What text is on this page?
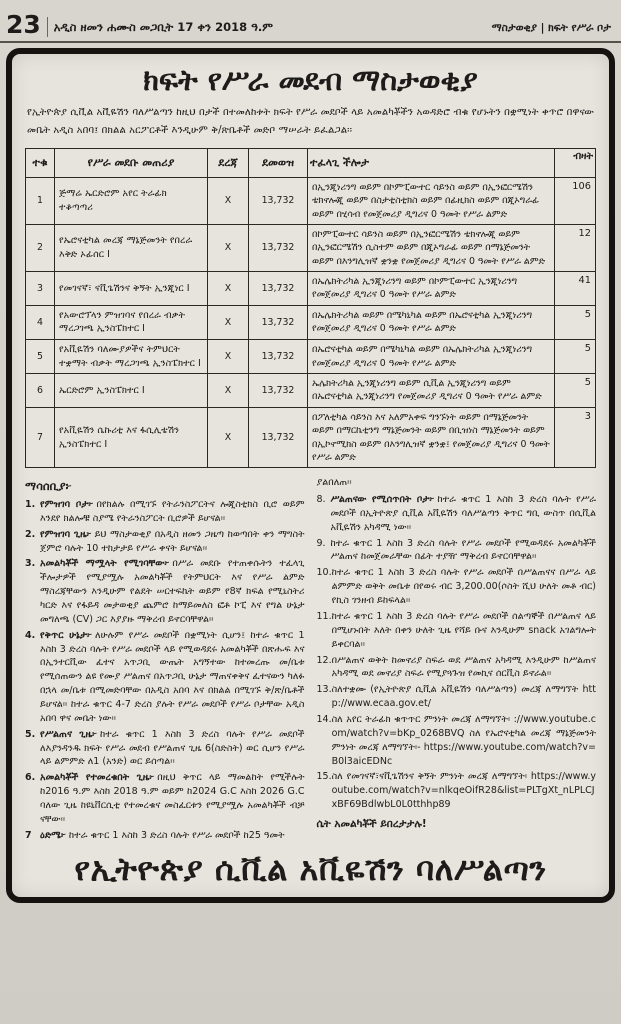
23 አዲስ ዘመን ሐሙስ መጋቢት 17 ቀን 2018 ዓ.ም	ማስታወቂያ | ክፍት የሥራ ቦታ
ክፍት የሥራ መደብ ማስታወቂያ

የኢትዮጵያ ሲቪል አቪዬሽን ባለሥልጣን ከዚህ በታች በተመለከቱት ክፍት የሥራ መደቦች ላይ አመልካቾችን አወዳድሮ ብቁ የሆኑትን በቋሚነት ቀጥሮ በዋናው መቤት አዲስ አበባ፤ በክልል አርፖርቶች እንዲሁም ቅ/ጽቤቶች መድቦ ማሠራት ይፈልጋል፡፡

ተቁ	የሥራ መደቡ መጠሪያ	ደረጃ	ደመወዝ	ተፈላጊ ችሎታ	ብዛት
1	ጅማሬ ኤርድሮም አየር ትራፊክ ተቆጣጣሪ	X	13,732	በኢንጂነሪንግ ወይም በኮምፒውተር ሳይንስ ወይም በኢንፎርሜሽን ቴክኖሎጂ ወይም በስታቲስቲክስ ወይም በፊዚክስ ወይም በጂኦግራፊ ወይም በሂሳብ የመጀመሪያ ዲግሪና 0 ዓመት የሥራ ልምድ	106
2	የኤሮናቲካል መረጃ ማኔጅመንት የበረራ እቅድ ኦፊሰር I	X	13,732	በኮምፒውተር ሳይንስ ወይም በኢንፎርሜሽን ቴክኖሎጂ ወይም በኢንፎርሜሽን ሲስተም ወይም በጂኦግራፊ ወይም በማኔጅመንት ወይም በእንግሊዝኛ ቋንቋ የመጀመሪያ ዲግሪና 0 ዓመት የሥራ ልምድ	12
3	የመገናኛ፣ ናቪጌሽንና ቅኝት ኢንጂነር I	X	13,732	በኤሌክትሪካል ኢንጂነሪንግ ወይም በኮምፒውተር ኢንጂነሪንግ የመጀመሪያ ዲግሪና 0 ዓመት የሥራ ልምድ	41
4	የአውሮፕላን ምዝገባና የበረራ ብቃት ማረጋገጫ ኢንስፔክተር I	X	13,732	በኤሌክትሪካል ወይም በሜካኒካል ወይም በኤሮናቲካል ኢንጂነሪንግ የመጀመሪያ ዲግሪና 0 ዓመት የሥራ ልምድ	5
5	የአቪዬሽን ባለሙያዎችና ትምህርት ተቋማት ብቃት ማረጋገጫ ኢንስፔክተር I	X	13,732	በኤሮናቲካል ወይም በሜካኒካል ወይም በኤሌክትሪካል ኢንጂነሪንግ የመጀመሪያ ዲግሪና 0 ዓመት የሥራ ልምድ	5
6	ኤርድሮም ኢንስፔክተር I	X	13,732	ኤሌክትሪካል ኢንጂነሪንግ ወይም ሲቪል ኢንጂነሪንግ ወይም በኤሮናቲካል ኢንጂነሪንግ የመጀመሪያ ዲግሪና 0 ዓመት የሥራ ልምድ	5
7	የአቪዬሽን ሴኩሪቲ እና ፋሲሊቴሽን ኢንስፔክተር I	X	13,732	በፖለቲካል ሳይንስ እና አለምአቀፍ ግንኙነት ወይም በማኔጅመንት ወይም በማርኬቲንግ ማኔጅመንት ወይም በቢዝነስ ማኔጅመንት ወይም በኢኮኖሚክስ ወይም በእንግሊዝኛ ቋንቋ፤ የመጀመሪያ ዲግሪና 0 ዓመት የሥራ ልምድ	3
ማሳሰቢያ፦
1. የምዝገባ ቦታ፦ በየክልሉ በሚገኙ የትራንስፖርትና ሎጂስቲክስ ቢሮ ወይም እንደየ ክልሎቹ ስያሜ የትራንስፖርት ቢሮዎች ይሆናል፡፡
2. የምዝገባ ጊዜ፦ ይህ ማስታወቂያ በአዲስ ዘመን ጋዜጣ ከወጣበት ቀን ማግስት ጀምሮ ባሉት 10 ተከታታይ የሥራ ቀናት ይሆናል፡፡
3. አመልካቾች ማሟላት የሚገባቸው፦ በሥራ መደቡ የተጠቀሱትን ተፈላጊ ችሎታዎች የሚያሟሉ አመልካቾች የትምህርት እና የሥራ ልምድ ማስረጃቸውን እንዲሁም የልደት ሠርተፍኬት ወይም የ8ኛ ክፍል የሚኒስትሪ ካርድ እና የፋይዳ መታወቂያ ጨምሮ ከማይመለስ ፎቶ ኮፒ እና የግል ሁኔታ መግለጫ (CV) ጋር እያያዙ ማቅረብ ይኖርባቸዋል፡፡
4. የቅጥር ሁኔታ፦ ለሁሉም የሥራ መደቦች በቋሚነት ሲሆን፤ ከተራ ቁጥር 1 እስከ 3 ድረስ ባሉት የሥራ መደቦች ላይ የሚወዳደሩ አመልካቾች በጽሑፍ እና በኢንተርቪው ፈተና አጥጋቢ ውጤት አግኝተው ከተመረጡ መ/ቤቱ የሚሰጠውን ልዩ የሙያ ሥልጠና በአጥጋቢ ሁኔታ ማጠናቀቅና ፈተናውን ካለፉ በኋላ መ/ቤቱ በሚመድባቸው በአዲስ አበባ እና በክልል በሚገኙ ቅ/ጽ/ቤቶች ይሆናል፡፡ ከተራ ቁጥር 4-7 ድረስ ያሉት የሥራ መደቦች የሥራ ቦታቸው አዲስ አበባ ዋና መቤት ነው፡፡
5. የሥልጠና ጊዜ፦ ከተራ ቁጥር 1 እስከ 3 ድረስ ባሉት የሥራ መደቦች ለእያንዳንዱ ክፍት የሥራ መደብ የሥልጠና ጊዜ 6(ስድስት) ወር ሲሆን የሥራ ላይ ልምምድ ለ1 (አንድ) ወር ይሰጣል፡፡
6. አመልካቾች የተመረቁበት ጊዜ፦ በዚህ ቅጥር ላይ ማመልከት የሚችሉት ከ2016 ዓ.ም እስከ 2018 ዓ.ም ወይም ከ2024 G.C እስከ 2026 G.C ባለው ጊዜ ከዩኒቨርሲቲ የተመረቁና መስፈርቱን የሚያሟሉ አመልካቾች ብቻ ናቸው፡፡
7 ዕድሜ፦ ከተራ ቁጥር 1 እስከ 3 ድረስ ባሉት የሥራ መደቦች ከ25 ዓመት
ያልበለጠ፡፡
8. ሥልጠናው የሚሰጥበት ቦታ፦ ከተራ ቁጥር 1 እስከ 3 ድረስ ባሉት የሥራ መደቦች በኢትዮጵያ ሲቪል አቪዬሽን ባለሥልጣን ቅጥር ግቢ ውስጥ በሲቪል አቪዬሽን አካዳሚ ነው፡፡
9. ከተራ ቁጥር 1 እስከ 3 ድረስ ባሉት የሥራ መደቦች የሚወዳደሩ አመልካቾች ሥልጠና ከመጀመራቸው በፊት ተያዥ ማቅረብ ይኖርባቸዋል፡፡
10. ከተራ ቁጥር 1 እስከ 3 ድረስ ባሉት የሥራ መደቦች በሥልጠናና በሥራ ላይ ልምምድ ወቅት መቤቱ በየወሩ ብር 3,200.00(ሶስት ሺህ ሁለት መቶ ብር) የኪስ ገንዘብ ይከፍላል፡፡
11. ከተራ ቁጥር 1 እስከ 3 ድረስ ባሉት የሥራ መደቦች ሰልጣኞች በሥልጠና ላይ በሚሆኑበት እለት በቀን ሁለት ጊዜ የሻይ ቡና እንዲሁም snack አገልግሎት ይቀርባል፡፡
12. በሥልጠና ወቅት ከመኖሪያ ስፍራ ወደ ሥልጠና አካዳሚ እንዲሁም ከሥልጠና አካዳሚ ወደ መኖሪያ ስፍራ የሚያጓጉዝ የመኪና ሰርቪስ ይኖራል፡፡
13. ስለተቋሙ (የኢትዮጵያ ሲቪል አቪዬሽን ባለሥልጣን) መረጃ ለማግኘት http://www.ecaa.gov.et/
14. ስለ አየር ትራፊክ ቁጥጥር ምንነት መረጃ ለማግኘት፡ ://www.youtube.com/watch?v=bKp_0268BVQ ስለ የኤሮናቲካል መረጃ ማኔጅመንት ምንነት መረጃ ለማግኘት፡- https://www.youtube.com/watch?v=B0l3aicEDNc
15. ስለ የመገናኛ፣ናቪጌሽንና ቅኝት ምንነት መረጃ ለማግኘት፡ https://www.youtube.com/watch?v=nlkqeOifR28&list=PLTgXt_nLPLCJxBF69BdlwbL0L0tthhp89
ሴት አመልካቾች ይበረታታሉ!
የኢትዮጵያ ሲቪል አቪዬሽን ባለሥልጣን
